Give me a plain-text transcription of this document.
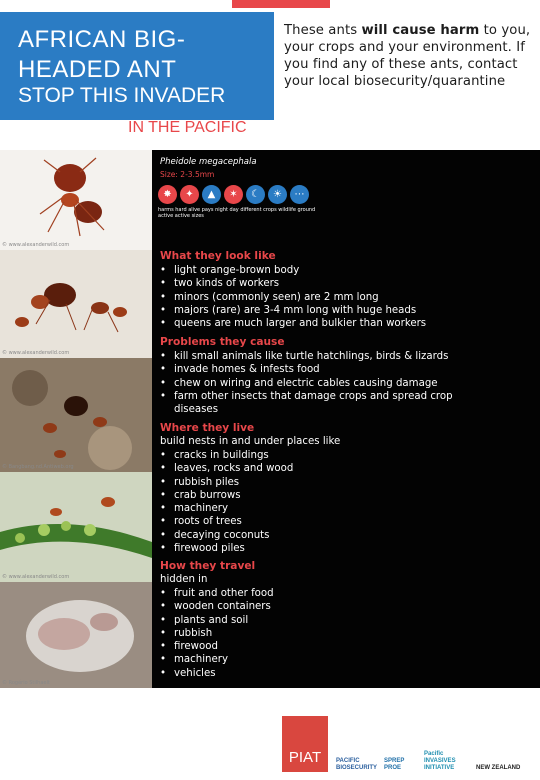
AFRICAN BIG-
HEADED ANT
STOP THIS INVADER
These ants will cause harm to you, your crops and your environment. If you find any of these ants, contact your local biosecurity/quarantine
IN THE PACIFIC
© www.alexanderwild.com
© www.alexanderwild.com
© Bangbang.nd.Antiweb.org
© www.alexanderwild.com
© Rogério Stilhaelt
Pheidole megacephala
Size: 2-3.5mm
✸	✦	▲	✶	☾	☀	⋯
harms hard alive pays night day different crops wildlife ground active active sizes
What they look like
• light orange-brown body
• two kinds of workers
• minors (commonly seen) are 2 mm long
• majors (rare) are 3-4 mm long with huge heads
• queens are much larger and bulkier than workers
Problems they cause
• kill small animals like turtle hatchlings, birds & lizards
• invade homes & infests food
• chew on wiring and electric cables causing damage
• farm other insects that damage crops and spread crop diseases
Where they live
build nests in and under places like
• cracks in buildings
• leaves, rocks and wood
• rubbish piles
• crab burrows
• machinery
• roots of trees
• decaying coconuts
• firewood piles
How they travel
hidden in
• fruit and other food
• wooden containers
• plants and soil
• rubbish
• firewood
• machinery
• vehicles
PIAT	PACIFIC BIOSECURITY
SPREP PROE
Pacific INVASIVES INITIATIVE	NEW ZEALAND
